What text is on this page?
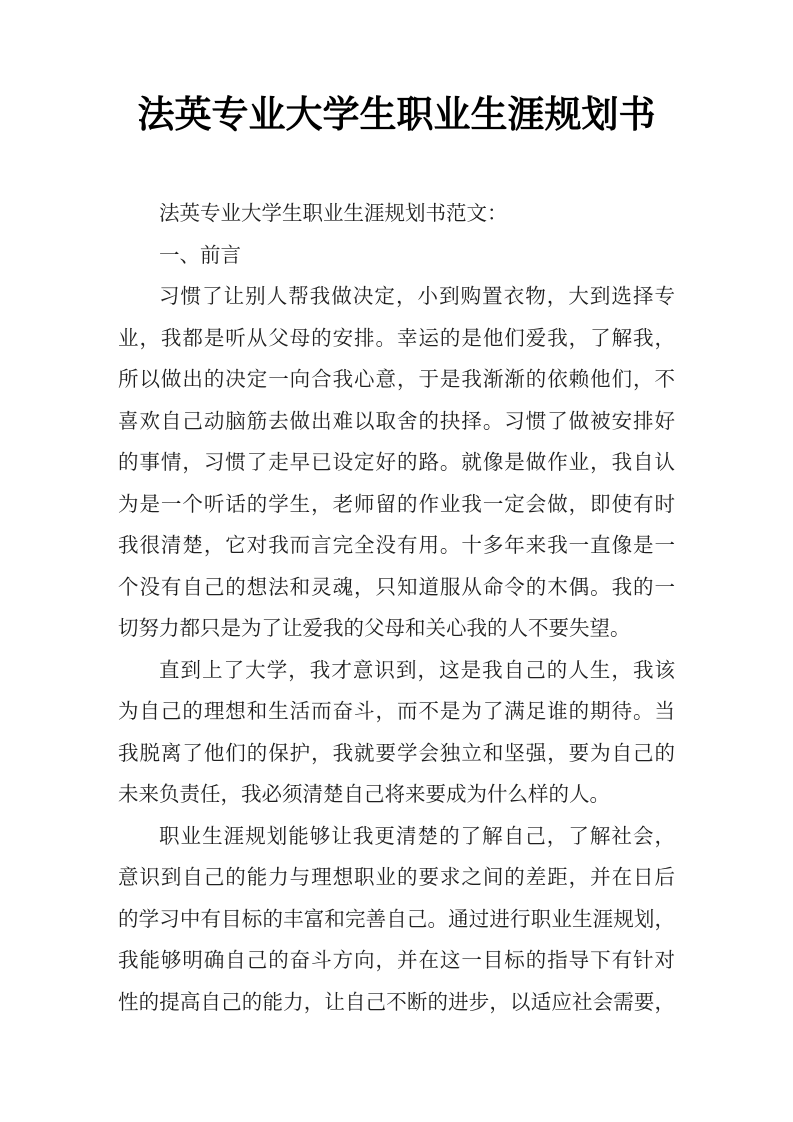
法英专业大学生职业生涯规划书
法英专业大学生职业生涯规划书范文：
一、前言
习惯了让别人帮我做决定，小到购置衣物，大到选择专
业，我都是听从父母的安排。幸运的是他们爱我，了解我，
所以做出的决定一向合我心意，于是我渐渐的依赖他们，不
喜欢自己动脑筋去做出难以取舍的抉择。习惯了做被安排好
的事情，习惯了走早已设定好的路。就像是做作业，我自认
为是一个听话的学生，老师留的作业我一定会做，即使有时
我很清楚，它对我而言完全没有用。十多年来我一直像是一
个没有自己的想法和灵魂，只知道服从命令的木偶。我的一
切努力都只是为了让爱我的父母和关心我的人不要失望。
直到上了大学，我才意识到，这是我自己的人生，我该
为自己的理想和生活而奋斗，而不是为了满足谁的期待。当
我脱离了他们的保护，我就要学会独立和坚强，要为自己的
未来负责任，我必须清楚自己将来要成为什么样的人。
职业生涯规划能够让我更清楚的了解自己，了解社会，
意识到自己的能力与理想职业的要求之间的差距，并在日后
的学习中有目标的丰富和完善自己。通过进行职业生涯规划，
我能够明确自己的奋斗方向，并在这一目标的指导下有针对
性的提高自己的能力，让自己不断的进步，以适应社会需要，
